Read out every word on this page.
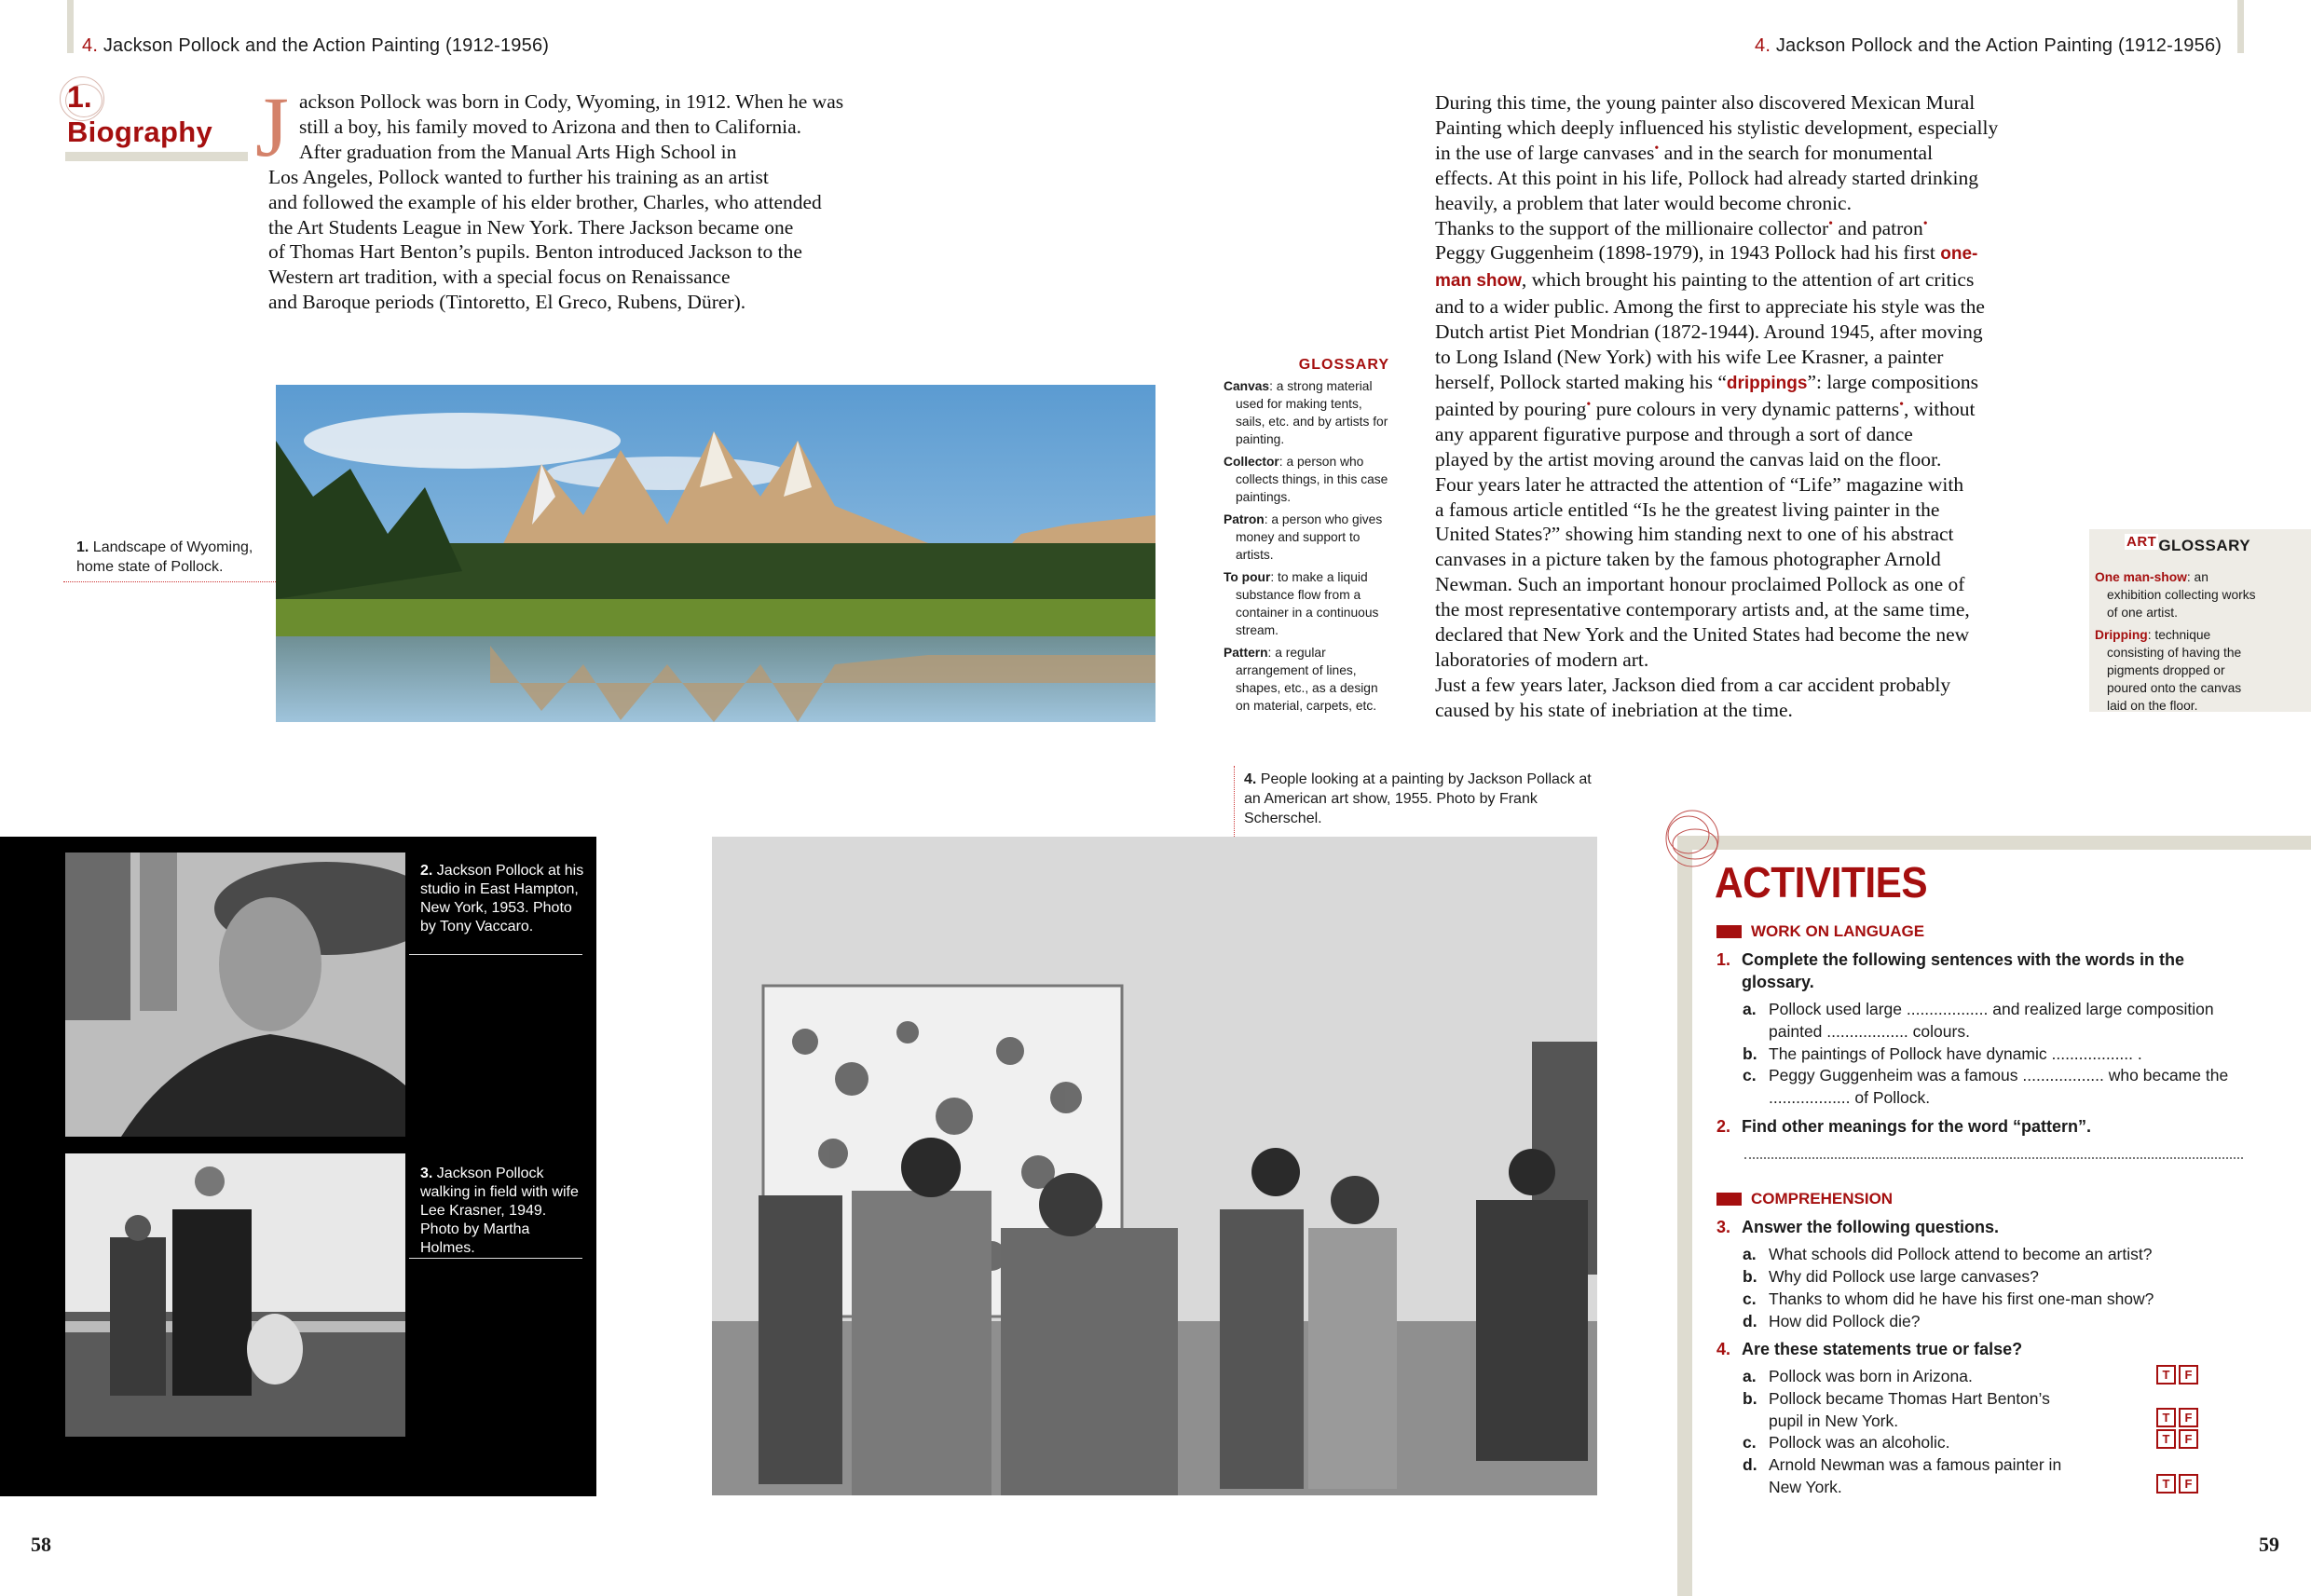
4. Jackson Pollock and the Action Painting (1912-1956)	4. Jackson Pollock and the Action Painting (1912-1956)
1.
Biography J ackson Pollock was born in Cody, Wyoming, in 1912. When he was
still a boy, his family moved to Arizona and then to California.
After graduation from the Manual Arts High School in
Los Angeles, Pollock wanted to further his training as an artist
and followed the example of his elder brother, Charles, who attended
the Art Students League in New York. There Jackson became one
of Thomas Hart Benton’s pupils. Benton introduced Jackson to the
Western art tradition, with a special focus on Renaissance
and Baroque periods (Tintoretto, El Greco, Rubens, Dürer).
1. Landscape of Wyoming, home state of Pollock.
GLOSSARY
Canvas: a strong material used for making tents, sails, etc. and by artists for painting.
Collector: a person who collects things, in this case paintings.
Patron: a person who gives money and support to artists.
To pour: to make a liquid substance flow from a container in a continuous stream.
Pattern: a regular arrangement of lines, shapes, etc., as a design on material, carpets, etc.
During this time, the young painter also discovered Mexican Mural
Painting which deeply influenced his stylistic development, especially
in the use of large canvases• and in the search for monumental
effects. At this point in his life, Pollock had already started drinking
heavily, a problem that later would become chronic.
Thanks to the support of the millionaire collector• and patron•
Peggy Guggenheim (1898-1979), in 1943 Pollock had his first one-
man show, which brought his painting to the attention of art critics
and to a wider public. Among the first to appreciate his style was the
Dutch artist Piet Mondrian (1872-1944). Around 1945, after moving
to Long Island (New York) with his wife Lee Krasner, a painter
herself, Pollock started making his “drippings”: large compositions
painted by pouring• pure colours in very dynamic patterns•, without
any apparent figurative purpose and through a sort of dance
played by the artist moving around the canvas laid on the floor.
Four years later he attracted the attention of “Life” magazine with
a famous article entitled “Is he the greatest living painter in the
United States?” showing him standing next to one of his abstract
canvases in a picture taken by the famous photographer Arnold
Newman. Such an important honour proclaimed Pollock as one of
the most representative contemporary artists and, at the same time,
declared that New York and the United States had become the new
laboratories of modern art.
Just a few years later, Jackson died from a car accident probably
caused by his state of inebriation at the time.
ART GLOSSARY
One man-show: an exhibition collecting works of one artist.
Dripping: technique consisting of having the pigments dropped or poured onto the canvas laid on the floor.
2. Jackson Pollock at his studio in East Hampton, New York, 1953. Photo by Tony Vaccaro.
3. Jackson Pollock walking in field with wife Lee Krasner, 1949. Photo by Martha Holmes.
4. People looking at a painting by Jackson Pollack at an American art show, 1955. Photo by Frank Scherschel.
ACTIVITIES
WORK ON LANGUAGE
1. Complete the following sentences with the words in the glossary.
a. Pollock used large .................. and realized large composition painted .................. colours.
b. The paintings of Pollock have dynamic .................. .
c. Peggy Guggenheim was a famous .................. who became the .................. of Pollock.
2. Find other meanings for the word “pattern”.
COMPREHENSION
3. Answer the following questions.
a. What schools did Pollock attend to become an artist?
b. Why did Pollock use large canvases?
c. Thanks to whom did he have his first one-man show?
d. How did Pollock die?
4. Are these statements true or false?
a. Pollock was born in Arizona.	T	F
b. Pollock became Thomas Hart Benton’s pupil in New York.	T	F
c. Pollock was an alcoholic.	T	F
d. Arnold Newman was a famous painter in New York.	T	F
58	59
